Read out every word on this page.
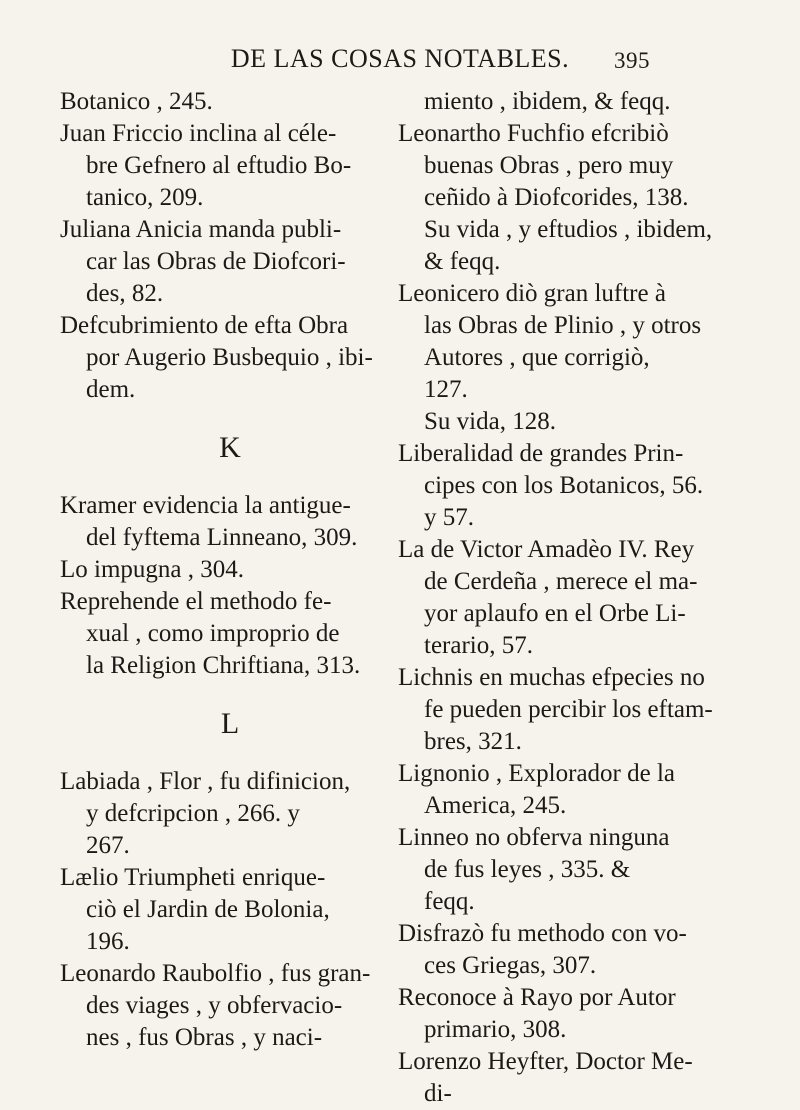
DE LAS COSAS NOTABLES. 395
Botanico , 245.
Juan Friccio inclina al céle-
bre Gefnero al eftudio Bo-
tanico, 209.
Juliana Anicia manda publi-
car las Obras de Diofcori-
des, 82.
Defcubrimiento de efta Obra
por Augerio Busbequio , ibi-
dem.
K
Kramer evidencia la antigue-
del fyftema Linneano, 309.
Lo impugna , 304.
Reprehende el methodo fe-
xual , como improprio de
la Religion Chriftiana, 313.
L
Labiada , Flor , fu difinicion,
y defcripcion , 266. y
267.
Lælio Triumpheti enrique-
ciò el Jardin de Bolonia,
196.
Leonardo Raubolfio , fus gran-
des viages , y obfervacio-
nes , fus Obras , y naci-
miento , ibidem, & feqq.
Leonartho Fuchfio efcribiò
buenas Obras , pero muy
ceñido à Diofcorides, 138.
Su vida , y eftudios , ibidem,
& feqq.
Leonicero diò gran luftre à
las Obras de Plinio , y otros
Autores , que corrigiò,
127.
Su vida, 128.
Liberalidad de grandes Prin-
cipes con los Botanicos, 56.
y 57.
La de Victor Amadèo IV. Rey
de Cerdeña , merece el ma-
yor aplaufo en el Orbe Li-
terario, 57.
Lichnis en muchas efpecies no
fe pueden percibir los eftam-
bres, 321.
Lignonio , Explorador de la
America, 245.
Linneo no obferva ninguna
de fus leyes , 335. &
feqq.
Disfrazò fu methodo con vo-
ces Griegas, 307.
Reconoce à Rayo por Autor
primario, 308.
Lorenzo Heyfter, Doctor Me-
di-
